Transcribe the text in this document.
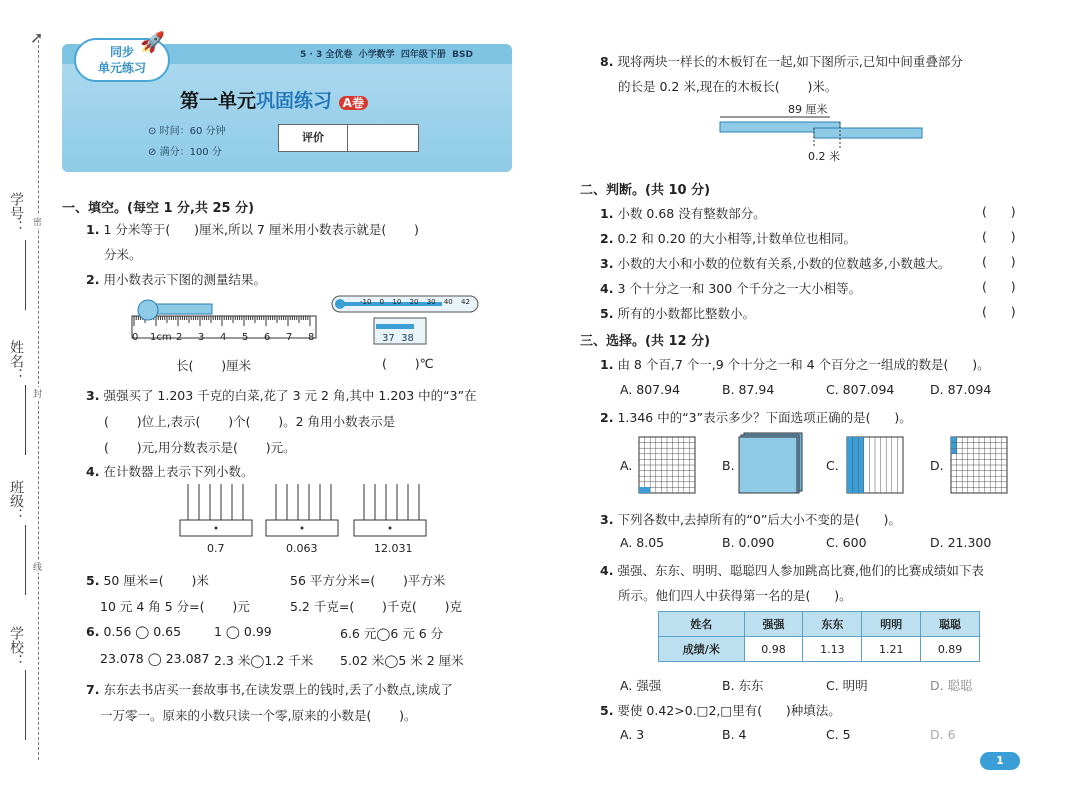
密
封
线
➚
学号：
姓名：
班级：
学校：
同步
单元练习
🚀
5 · 3 全优卷  小学数学  四年级下册  BSD
第一单元巩固练习 A卷
⊙ 时间：60 分钟
⊘ 满分：100 分
评价
一、填空。(每空 1 分,共 25 分)
1. 1 分米等于(      )厘米,所以 7 厘米用小数表示就是(       )
分米。
2. 用小数表示下图的测量结果。
0 1cm 2 3 4 5 6 7 8
长(       )厘米
-10 0 10 20 30 40 42
37  38
(       )℃
3. 强强买了 1.203 千克的白菜,花了 3 元 2 角,其中 1.203 中的“3”在
(       )位上,表示(       )个(       )。2 角用小数表示是
(       )元,用分数表示是(       )元。
4. 在计数器上表示下列小数。
0.7	0.063	12.031
5. 50 厘米=(       )米	56 平方分米=(       )平方米
10 元 4 角 5 分=(       )元	5.2 千克=(       )千克(       )克
6. 0.56 ◯ 0.65	1 ◯ 0.99	6.6 元◯6 元 6 分
23.078 ◯ 23.087 2.3 米◯1.2 千米 5.02 米◯5 米 2 厘米
7. 东东去书店买一套故事书,在读发票上的钱时,丢了小数点,读成了
一万零一。原来的小数只读一个零,原来的小数是(       )。
8. 现将两块一样长的木板钉在一起,如下图所示,已知中间重叠部分
的长是 0.2 米,现在的木板长(       )米。
89 厘米
0.2 米
二、判断。(共 10 分)
1. 小数 0.68 没有整数部分。	(      )
2. 0.2 和 0.20 的大小相等,计数单位也相同。	(      )
3. 小数的大小和小数的位数有关系,小数的位数越多,小数越大。	(      )
4. 3 个十分之一和 300 个千分之一大小相等。	(      )
5. 所有的小数都比整数小。	(      )
三、选择。(共 12 分)
1. 由 8 个百,7 个一,9 个十分之一和 4 个百分之一组成的数是(      )。
A. 807.94	B. 87.94	C. 807.094	D. 87.094
2. 1.346 中的“3”表示多少？下面选项正确的是(      )。
A.	B.	C.	D.
3. 下列各数中,去掉所有的“0”后大小不变的是(      )。
A. 8.05	B. 0.090	C. 600	D. 21.300
4. 强强、东东、明明、聪聪四人参加跳高比赛,他们的比赛成绩如下表
所示。他们四人中获得第一名的是(      )。
姓名	强强	东东	明明	聪聪
成绩/米	0.98	1.13	1.21	0.89
A. 强强	B. 东东	C. 明明	D. 聪聪
5. 要使 0.42>0.□2,□里有(      )种填法。
A. 3	B. 4	C. 5	D. 6
1
